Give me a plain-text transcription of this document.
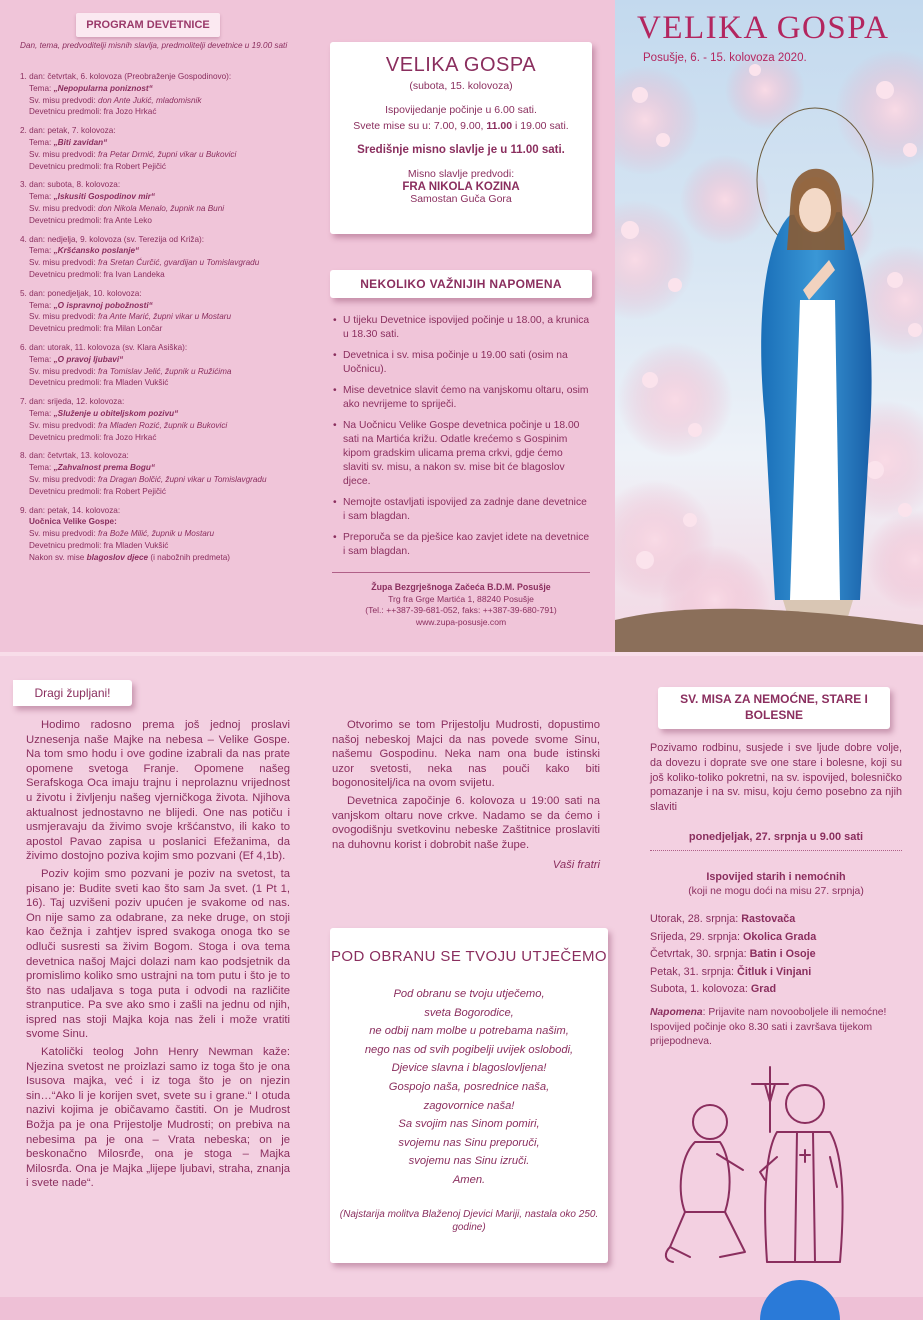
PROGRAM DEVETNICE
Dan, tema, predvoditelji misnih slavlja, predmolitelji devetnice u 19.00 sati
1. dan: četvrtak, 6. kolovoza (Preobraženje Gospodinovo):
Tema: „Nepopularna poniznost“
Sv. misu predvodi: don Ante Jukić, mladomisnik
Devetnicu predmoli: fra Jozo Hrkać
2. dan: petak, 7. kolovoza:
Tema: „Biti zavidan“
Sv. misu predvodi: fra Petar Drmić, župni vikar u Bukovici
Devetnicu predmoli: fra Robert Pejičić
3. dan: subota, 8. kolovoza:
Tema: „Iskusiti Gospodinov mir“
Sv. misu predvodi: don Nikola Menalo, župnik na Buni
Devetnicu predmoli: fra Ante Leko
4. dan: nedjelja, 9. kolovoza (sv. Terezija od Križa):
Tema: „Kršćansko poslanje“
Sv. misu predvodi: fra Sretan Ćurčić, gvardijan u Tomislavgradu
Devetnicu predmoli: fra Ivan Landeka
5. dan: ponedjeljak, 10. kolovoza:
Tema: „O ispravnoj pobožnosti“
Sv. misu predvodi: fra Ante Marić, župni vikar u Mostaru
Devetnicu predmoli: fra Milan Lončar
6. dan: utorak, 11. kolovoza (sv. Klara Asiška):
Tema: „O pravoj ljubavi“
Sv. misu predvodi: fra Tomislav Jelić, župnik u Ružićima
Devetnicu predmoli: fra Mladen Vukšić
7. dan: srijeda, 12. kolovoza:
Tema: „Služenje u obiteljskom pozivu“
Sv. misu predvodi: fra Mladen Rozić, župnik u Bukovici
Devetnicu predmoli: fra Jozo Hrkać
8. dan: četvrtak, 13. kolovoza:
Tema: „Zahvalnost prema Bogu“
Sv. misu predvodi: fra Dragan Bolčić, župni vikar u Tomislavgradu
Devetnicu predmoli: fra Robert Pejičić
9. dan: petak, 14. kolovoza:
Uočnica Velike Gospe:
Sv. misu predvodi: fra Bože Milić, župnik u Mostaru
Devetnicu predmoli: fra Mladen Vukšić
Nakon sv. mise blagoslov djece (i nabožnih predmeta)
VELIKA GOSPA
(subota, 15. kolovoza)
Ispovijedanje počinje u 6.00 sati.
Svete mise su u: 7.00, 9.00, 11.00 i 19.00 sati.
Središnje misno slavlje je u 11.00 sati.
Misno slavlje predvodi:
FRA NIKOLA KOZINA
Samostan Guča Gora
NEKOLIKO VAŽNIJIH NAPOMENA
• U tijeku Devetnice ispovijed počinje u 18.00, a krunica u 18.30 sati.
• Devetnica i sv. misa počinje u 19.00 sati (osim na Uočnicu).
• Mise devetnice slavit ćemo na vanjskomu oltaru, osim ako nevrijeme to spriječi.
• Na Uočnicu Velike Gospe devetnica počinje u 18.00 sati na Martića križu. Odatle krećemo s Gospinim kipom gradskim ulicama prema crkvi, gdje ćemo slaviti sv. misu, a nakon sv. mise bit će blagoslov djece.
• Nemojte ostavljati ispovijed za zadnje dane devetnice i sam blagdan.
• Preporuča se da pješice kao zavjet idete na devetnice i sam blagdan.
Župa Bezgrješnoga Začeća B.D.M. Posušje
Trg fra Grge Martića 1, 88240 Posušje
(Tel.: ++387-39-681-052, faks: ++387-39-680-791)
www.zupa-posusje.com
VELIKA GOSPA
Posušje, 6. - 15. kolovoza 2020.
Dragi župljani!

Hodimo radosno prema još jednoj proslavi Uznesenja naše Majke na nebesa – Velike Gospe. Na tom smo hodu i ove godine izabrali da nas prate opomene svetoga Franje. Opomene našeg Serafskoga Oca imaju trajnu i neprolaznu vrijednost u životu i življenju našeg vjerničkoga života. Njihova aktualnost jednostavno ne blijedi. One nas potiču i usmjeravaju da živimo svoje kršćanstvo, ili kako to apostol Pavao zapisa u poslanici Efežanima, da živimo dostojno poziva kojim smo pozvani (Ef 4,1b).

Poziv kojim smo pozvani je poziv na svetost, ta pisano je: Budite sveti kao što sam Ja svet. (1 Pt 1, 16). Taj uzvišeni poziv upućen je svakome od nas. On nije samo za odabrane, za neke druge, on stoji kao čežnja i zahtjev ispred svakoga onoga tko se odluči susresti sa živim Bogom. Stoga i ova tema devetnica našoj Majci dolazi nam kao podsjetnik da promislimo koliko smo ustrajni na tom putu i što je to što nas udaljava s toga puta i odvodi na različite stranputice. Pa sve ako smo i zašli na jednu od njih, ispred nas stoji Majka koja nas želi i može vratiti svome Sinu.

Katolički teolog John Henry Newman kaže: Njezina svetost ne proizlazi samo iz toga što je ona Isusova majka, već i iz toga što je on njezin sin…“Ako li je korijen svet, svete su i grane.“ I otuda nazivi kojima je običavamo častiti. On je Mudrost Božja pa je ona Prijestolje Mudrosti; on prebiva na nebesima pa je ona – Vrata nebeska; on je beskonačno Milosrđe, ona je stoga – Majka Milosrđa. Ona je Majka „lijepe ljubavi, straha, znanja i svete nade“.

Otvorimo se tom Prijestolju Mudrosti, dopustimo našoj nebeskoj Majci da nas povede svome Sinu, našemu Gospodinu. Neka nam ona bude istinski uzor svetosti, neka nas pouči kako biti bogonositelj/ica na ovom svijetu.

Devetnica započinje 6. kolovoza u 19:00 sati na vanjskom oltaru nove crkve. Nadamo se da ćemo i ovogodišnju svetkovinu nebeske Zaštitnice proslaviti na duhovnu korist i dobrobit naše župe.

Vaši fratri
POD OBRANU SE TVOJU UTJEČEMO
Pod obranu se tvoju utječemo,
sveta Bogorodice,
ne odbij nam molbe u potrebama našim,
nego nas od svih pogibelji uvijek oslobodi,
Djevice slavna i blagoslovljena!
Gospojo naša, posrednice naša,
zagovornice naša!
Sa svojim nas Sinom pomiri,
svojemu nas Sinu preporuči,
svojemu nas Sinu izruči.
Amen.
(Najstarija molitva Blaženoj Djevici Mariji, nastala oko 250. godine)
SV. MISA ZA NEMOĆNE, STARE I BOLESNE
Pozivamo rodbinu, susjede i sve ljude dobre volje, da dovezu i doprate sve one stare i bolesne, koji su još koliko-toliko pokretni, na sv. ispovijed, bolesničko pomazanje i na sv. misu, koju ćemo posebno za njih slaviti
ponedjeljak, 27. srpnja u 9.00 sati
Ispovijed starih i nemoćnih
(koji ne mogu doći na misu 27. srpnja)
Utorak, 28. srpnja: Rastovača
Srijeda, 29. srpnja: Okolica Grada
Četvrtak, 30. srpnja: Batin i Osoje
Petak, 31. srpnja: Čitluk i Vinjani
Subota, 1. kolovoza: Grad
Napomena: Prijavite nam novooboljele ili nemoćne! Ispovijed počinje oko 8.30 sati i završava tijekom prijepodneva.
